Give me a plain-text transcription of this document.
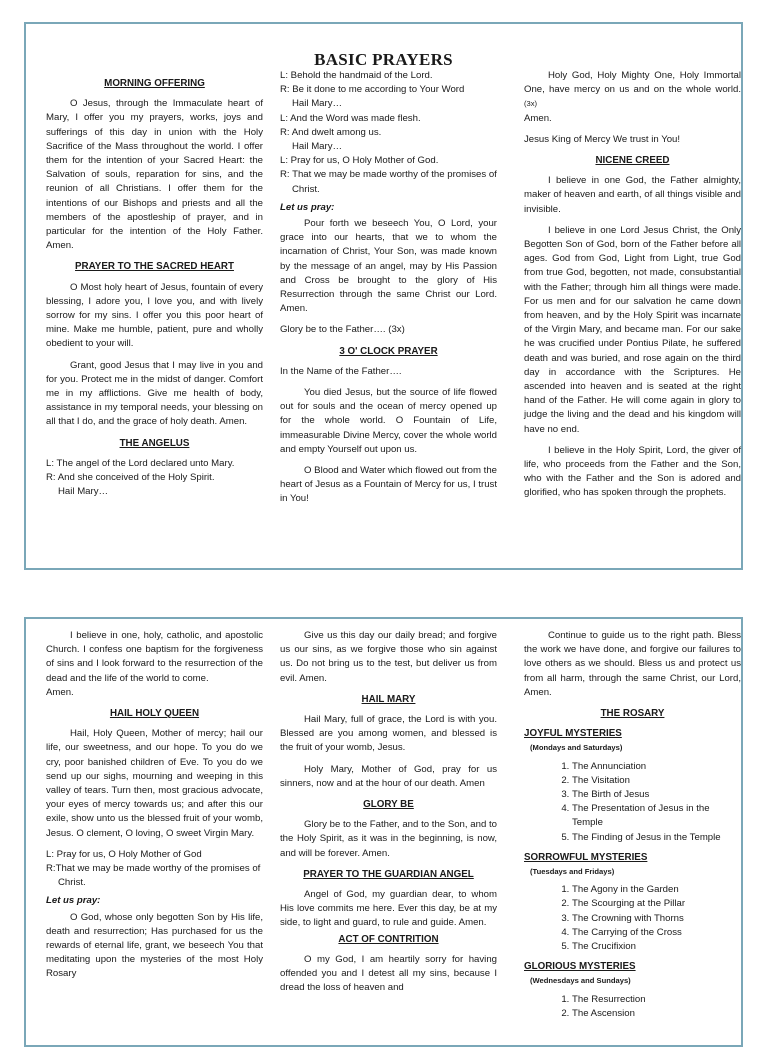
BASIC PRAYERS
MORNING OFFERING

O Jesus, through the Immaculate heart of Mary, I offer you my prayers, works, joys and sufferings of this day in union with the Holy Sacrifice of the Mass throughout the world. I offer them for the intention of your Sacred Heart: the Salvation of souls, reparation for sins, and the reunion of all Christians. I offer them for the intentions of our Bishops and priests and all the members of the apostleship of prayer, and in particular for the intention of the Holy Father. Amen.

PRAYER TO THE SACRED HEART

O Most holy heart of Jesus, fountain of every blessing, I adore you, I love you, and with lively sorrow for my sins. I offer you this poor heart of mine. Make me humble, patient, pure and wholly obedient to your will.

Grant, good Jesus that I may live in you and for you. Protect me in the midst of danger. Comfort me in my afflictions. Give me health of body, assistance in my temporal needs, your blessing on all that I do, and the grace of holy death. Amen.

THE ANGELUS

L: The angel of the Lord declared unto Mary.

R: And she conceived of the Holy Spirit.

Hail Mary…

L: Behold the handmaid of the Lord.

R: Be it done to me according to Your Word

Hail Mary…

L: And the Word was made flesh.

R: And dwelt among us.

Hail Mary…

L: Pray for us, O Holy Mother of God.

R: That we may be made worthy of the promises of Christ.

Let us pray:

Pour forth we beseech You, O Lord, your grace into our hearts, that we to whom the incarnation of Christ, Your Son, was made known by the message of an angel, may by His Passion and Cross be brought to the glory of His Resurrection through the same Christ our Lord. Amen.

Glory be to the Father…. (3x)

3 O' CLOCK PRAYER

In the Name of the Father….

You died Jesus, but the source of life flowed out for souls and the ocean of mercy opened up for the whole world. O Fountain of Life, immeasurable Divine Mercy, cover the whole world and empty Yourself out upon us.

O Blood and Water which flowed out from the heart of Jesus as a Fountain of Mercy for us, I trust in You!

Holy God, Holy Mighty One, Holy Immortal One, have mercy on us and on the whole world. (3x)

Amen.

Jesus King of Mercy We trust in You!

NICENE CREED

I believe in one God, the Father almighty, maker of heaven and earth, of all things visible and invisible.

I believe in one Lord Jesus Christ, the Only Begotten Son of God, born of the Father before all ages. God from God, Light from Light, true God from true God, begotten, not made, consubstantial with the Father; through him all things were made. For us men and for our salvation he came down from heaven, and by the Holy Spirit was incarnate of the Virgin Mary, and became man. For our sake he was crucified under Pontius Pilate, he suffered death and was buried, and rose again on the third day in accordance with the Scriptures. He ascended into heaven and is seated at the right hand of the Father. He will come again in glory to judge the living and the dead and his kingdom will have no end.

I believe in the Holy Spirit, Lord, the giver of life, who proceeds from the Father and the Son, who with the Father and the Son is adored and glorified, who has spoken through the prophets.

I believe in one, holy, catholic, and apostolic Church. I confess one baptism for the forgiveness of sins and I look forward to the resurrection of the dead and the life of the world to come.

Amen.

HAIL HOLY QUEEN

Hail, Holy Queen, Mother of mercy; hail our life, our sweetness, and our hope. To you do we cry, poor banished children of Eve. To you do we send up our sighs, mourning and weeping in this valley of tears. Turn then, most gracious advocate, your eyes of mercy towards us; and after this our exile, show unto us the blessed fruit of your womb, Jesus. O clement, O loving, O sweet Virgin Mary.

L: Pray for us, O Holy Mother of God

R:That we may be made worthy of the promises of Christ.

Let us pray:

O God, whose only begotten Son by His life, death and resurrection; Has purchased for us the rewards of eternal life, grant, we beseech You that meditating upon the mysteries of the most Holy Rosary

Give us this day our daily bread; and forgive us our sins, as we forgive those who sin against us. Do not bring us to the test, but deliver us from evil. Amen.

HAIL MARY

Hail Mary, full of grace, the Lord is with you. Blessed are you among women, and blessed is the fruit of your womb, Jesus.

Holy Mary, Mother of God, pray for us sinners, now and at the hour of our death. Amen

GLORY BE

Glory be to the Father, and to the Son, and to the Holy Spirit, as it was in the beginning, is now, and will be forever. Amen.

PRAYER TO THE GUARDIAN ANGEL

Angel of God, my guardian dear, to whom His love commits me here. Ever this day, be at my side, to light and guard, to rule and guide. Amen.

ACT OF CONTRITION

O my God, I am heartily sorry for having offended you and I detest all my sins, because I dread the loss of heaven and

Continue to guide us to the right path. Bless the work we have done, and forgive our failures to love others as we should. Bless us and protect us from all harm, through the same Christ, our Lord, Amen.

THE ROSARY
JOYFUL MYSTERIES

(Mondays and Saturdays)

1. The Annunciation
2. The Visitation
3. The Birth of Jesus
4. The Presentation of Jesus in the Temple
5. The Finding of Jesus in the Temple
SORROWFUL MYSTERIES

(Tuesdays and Fridays)

1. The Agony in the Garden
2. The Scourging at the Pillar
3. The Crowning with Thorns
4. The Carrying of the Cross
5. The Crucifixion
GLORIOUS MYSTERIES

(Wednesdays and Sundays)

1. The Resurrection
2. The Ascension
